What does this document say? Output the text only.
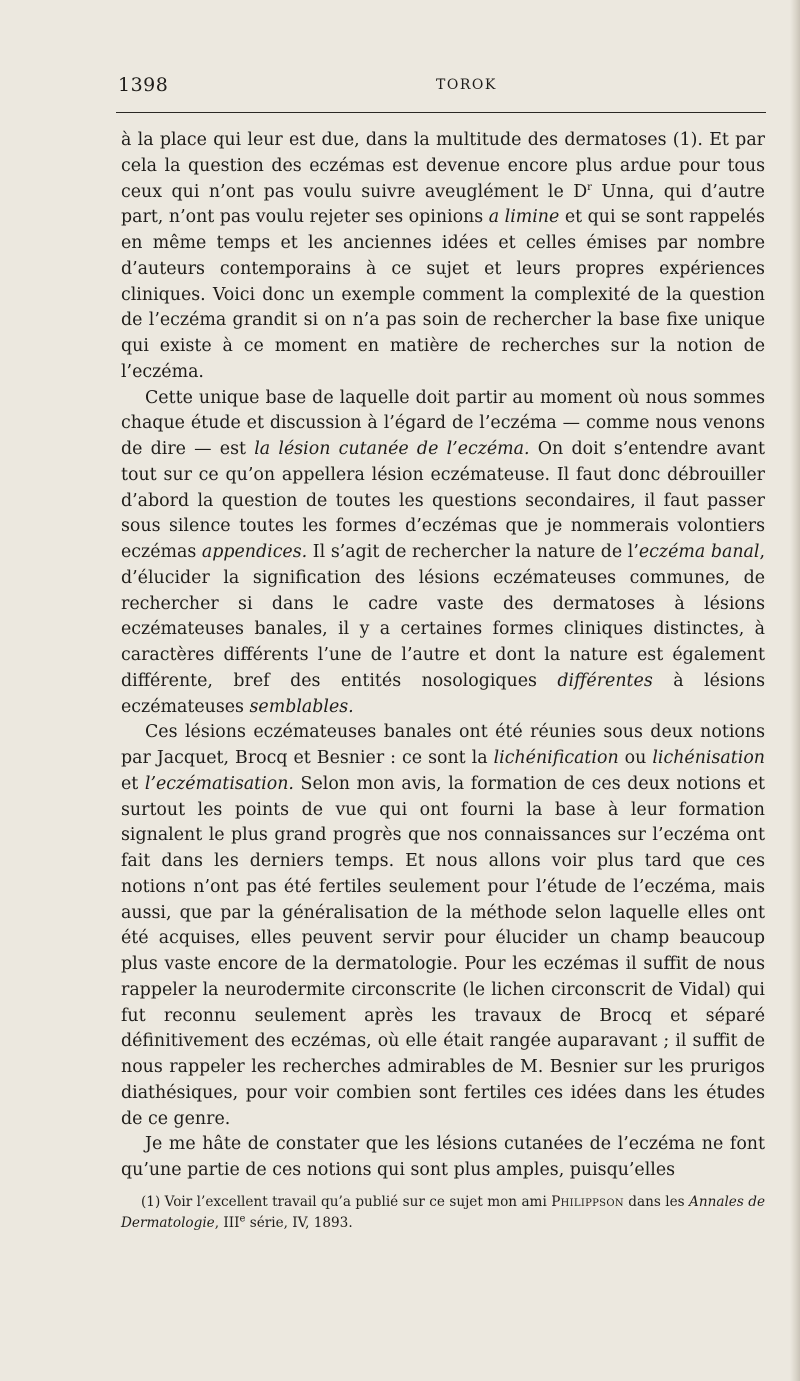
1398	TOROK

à la place qui leur est due, dans la multitude des dermatoses (1). Et par cela la question des eczémas est devenue encore plus ardue pour tous ceux qui n’ont pas voulu suivre aveuglément le $D^r$ Unna, qui d’autre part, n’ont pas voulu rejeter ses opinions a limine et qui se sont rappelés en même temps et les anciennes idées et celles émises par nombre d’auteurs contemporains à ce sujet et leurs propres expériences cliniques. Voici donc un exemple comment la complexité de la question de l’eczéma grandit si on n’a pas soin de rechercher la base fixe unique qui existe à ce moment en matière de recherches sur la notion de l’eczéma.

Cette unique base de laquelle doit partir au moment où nous sommes chaque étude et discussion à l’égard de l’eczéma — comme nous venons de dire — est la lésion cutanée de l’eczéma. On doit s’entendre avant tout sur ce qu’on appellera lésion eczémateuse. Il faut donc débrouiller d’abord la question de toutes les questions secondaires, il faut passer sous silence toutes les formes d’eczémas que je nommerais volontiers eczémas appendices. Il s’agit de rechercher la nature de l’eczéma banal, d’élucider la signification des lésions eczémateuses communes, de rechercher si dans le cadre vaste des dermatoses à lésions eczémateuses banales, il y a certaines formes cliniques distinctes, à caractères différents l’une de l’autre et dont la nature est également différente, bref des entités nosologiques différentes à lésions eczémateuses semblables.

Ces lésions eczémateuses banales ont été réunies sous deux notions par Jacquet, Brocq et Besnier : ce sont la lichénification ou lichénisation et l’eczématisation. Selon mon avis, la formation de ces deux notions et surtout les points de vue qui ont fourni la base à leur formation signalent le plus grand progrès que nos connaissances sur l’eczéma ont fait dans les derniers temps. Et nous allons voir plus tard que ces notions n’ont pas été fertiles seulement pour l’étude de l’eczéma, mais aussi, que par la généralisation de la méthode selon laquelle elles ont été acquises, elles peuvent servir pour élucider un champ beaucoup plus vaste encore de la dermatologie. Pour les eczémas il suffit de nous rappeler la neurodermite circonscrite (le lichen circonscrit de Vidal) qui fut reconnu seulement après les travaux de Brocq et séparé définitivement des eczémas, où elle était rangée auparavant ; il suffit de nous rappeler les recherches admirables de M. Besnier sur les prurigos diathésiques, pour voir combien sont fertiles ces idées dans les études de ce genre.

Je me hâte de constater que les lésions cutanées de l’eczéma ne font qu’une partie de ces notions qui sont plus amples, puisqu’elles

(1) Voir l’excellent travail qu’a publié sur ce sujet mon ami Philippson dans les Annales de Dermatologie, IIIe série, IV, 1893.
